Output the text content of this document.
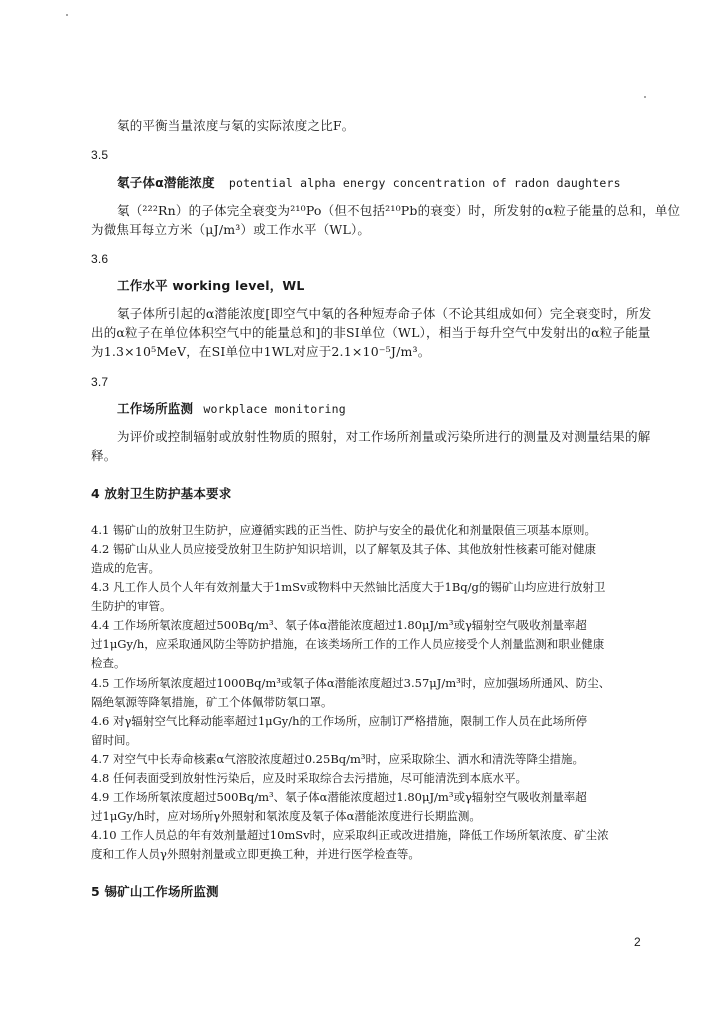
氡的平衡当量浓度与氡的实际浓度之比F。
3.5
氡子体α潜能浓度 potential alpha energy concentration of radon daughters
氡（²²²Rn）的子体完全衰变为²¹⁰Po（但不包括²¹⁰Pb的衰变）时，所发射的α粒子能量的总和，单位
为微焦耳每立方米（μJ/m³）或工作水平（WL）。
3.6
工作水平 working level，WL
氡子体所引起的α潜能浓度[即空气中氡的各种短寿命子体（不论其组成如何）完全衰变时，所发
出的α粒子在单位体积空气中的能量总和]的非SI单位（WL），相当于每升空气中发射出的α粒子能量
为1.3×10⁵MeV，在SI单位中1WL对应于2.1×10⁻⁵J/m³。
3.7
工作场所监测 workplace monitoring
为评价或控制辐射或放射性物质的照射，对工作场所剂量或污染所进行的测量及对测量结果的解
释。
4 放射卫生防护基本要求
4.1 锡矿山的放射卫生防护，应遵循实践的正当性、防护与安全的最优化和剂量限值三项基本原则。
4.2 锡矿山从业人员应接受放射卫生防护知识培训，以了解氡及其子体、其他放射性核素可能对健康
造成的危害。
4.3 凡工作人员个人年有效剂量大于1mSv或物料中天然铀比活度大于1Bq/g的锡矿山均应进行放射卫
生防护的审管。
4.4 工作场所氡浓度超过500Bq/m³、氡子体α潜能浓度超过1.80μJ/m³或γ辐射空气吸收剂量率超
过1μGy/h，应采取通风防尘等防护措施，在该类场所工作的工作人员应接受个人剂量监测和职业健康
检查。
4.5 工作场所氡浓度超过1000Bq/m³或氡子体α潜能浓度超过3.57μJ/m³时，应加强场所通风、防尘、
隔绝氡源等降氡措施，矿工个体佩带防氡口罩。
4.6 对γ辐射空气比释动能率超过1μGy/h的工作场所，应制订严格措施，限制工作人员在此场所停
留时间。
4.7 对空气中长寿命核素α气溶胶浓度超过0.25Bq/m³时，应采取除尘、洒水和清洗等降尘措施。
4.8 任何表面受到放射性污染后，应及时采取综合去污措施，尽可能清洗到本底水平。
4.9 工作场所氡浓度超过500Bq/m³、氡子体α潜能浓度超过1.80μJ/m³或γ辐射空气吸收剂量率超
过1μGy/h时，应对场所γ外照射和氡浓度及氡子体α潜能浓度进行长期监测。
4.10 工作人员总的年有效剂量超过10mSv时，应采取纠正或改进措施，降低工作场所氡浓度、矿尘浓
度和工作人员γ外照射剂量或立即更换工种，并进行医学检查等。
5 锡矿山工作场所监测
2
